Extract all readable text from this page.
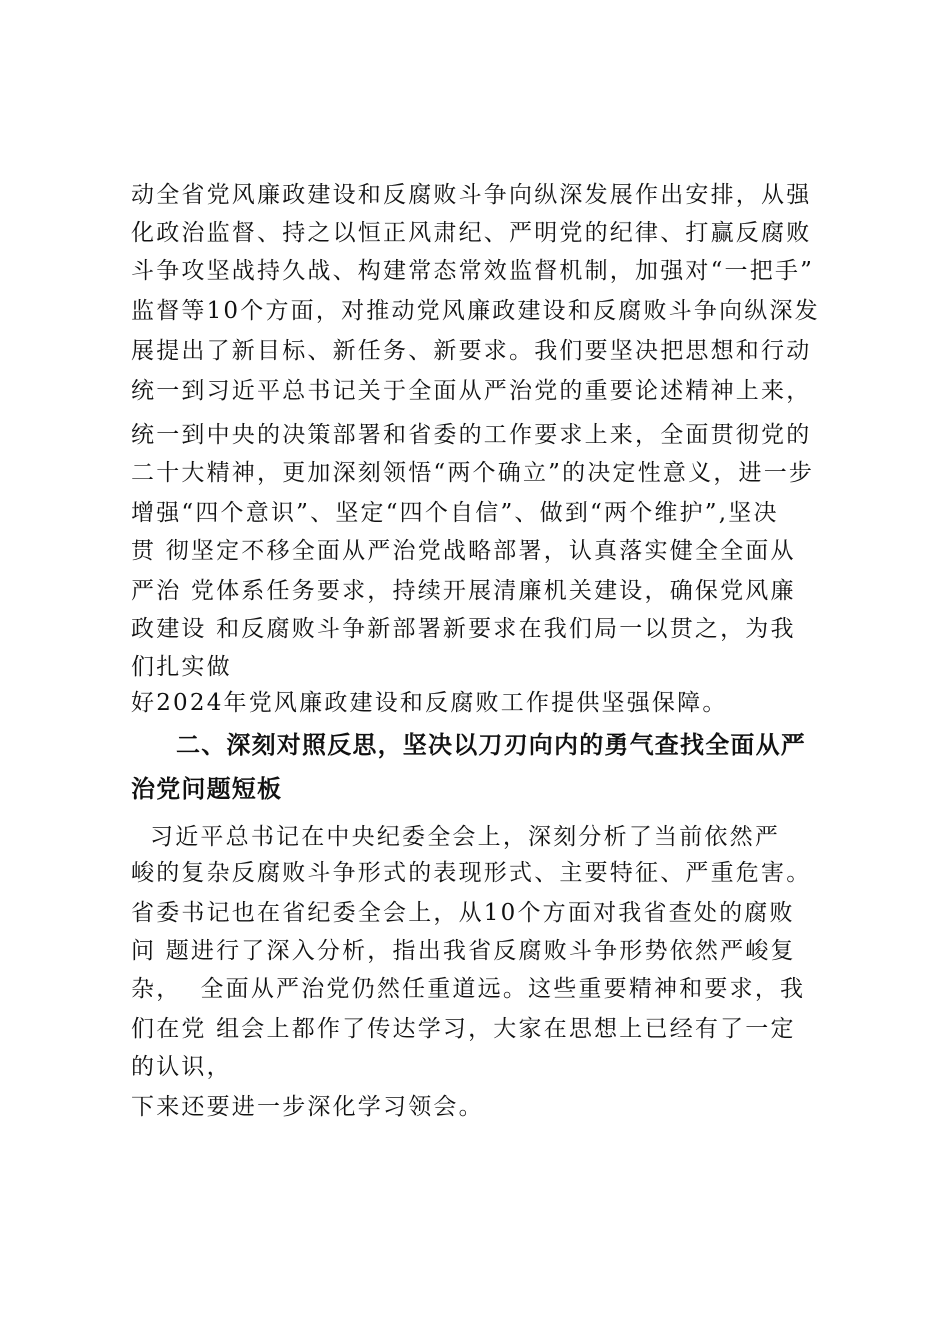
动全省党风廉政建设和反腐败斗争向纵深发展作出安排，从强
化政治监督、持之以恒正风肃纪、严明党的纪律、打赢反腐败
斗争攻坚战持久战、构建常态常效监督机制，加强对“一把手”
监督等10个方面，对推动党风廉政建设和反腐败斗争向纵深发
展提出了新目标、新任务、新要求。我们要坚决把思想和行动
统一到习近平总书记关于全面从严治党的重要论述精神上来，
统一到中央的决策部署和省委的工作要求上来，全面贯彻党的
二十大精神，更加深刻领悟“两个确立”的决定性意义，进一步
增强“四个意识”、坚定“四个自信”、做到“两个维护”,坚决
贯 彻坚定不移全面从严治党战略部署，认真落实健全全面从
严治 党体系任务要求，持续开展清廉机关建设，确保党风廉
政建设 和反腐败斗争新部署新要求在我们局一以贯之，为我
们扎实做
好2024年党风廉政建设和反腐败工作提供坚强保障。
二、深刻对照反思，坚决以刀刃向内的勇气查找全面从严
治党问题短板
习近平总书记在中央纪委全会上，深刻分析了当前依然严
峻的复杂反腐败斗争形式的表现形式、主要特征、严重危害。
省委书记也在省纪委全会上，从10个方面对我省查处的腐败
问 题进行了深入分析，指出我省反腐败斗争形势依然严峻复
杂，  全面从严治党仍然任重道远。这些重要精神和要求，我
们在党 组会上都作了传达学习，大家在思想上已经有了一定
的认识，
下来还要进一步深化学习领会。
